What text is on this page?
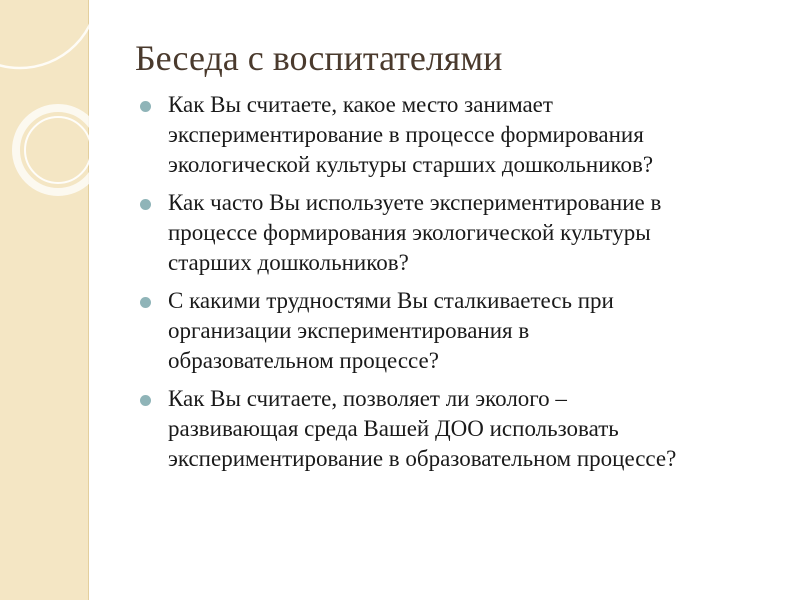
Беседа с воспитателями
Как Вы считаете, какое место занимает
экспериментирование в процессе формирования
экологической культуры старших дошкольников?
Как часто Вы используете экспериментирование в
процессе формирования экологической культуры
старших дошкольников?
С какими трудностями Вы сталкиваетесь при
организации экспериментирования в
образовательном процессе?
Как Вы считаете, позволяет ли эколого –
развивающая среда Вашей ДОО использовать
экспериментирование в образовательном процессе?
